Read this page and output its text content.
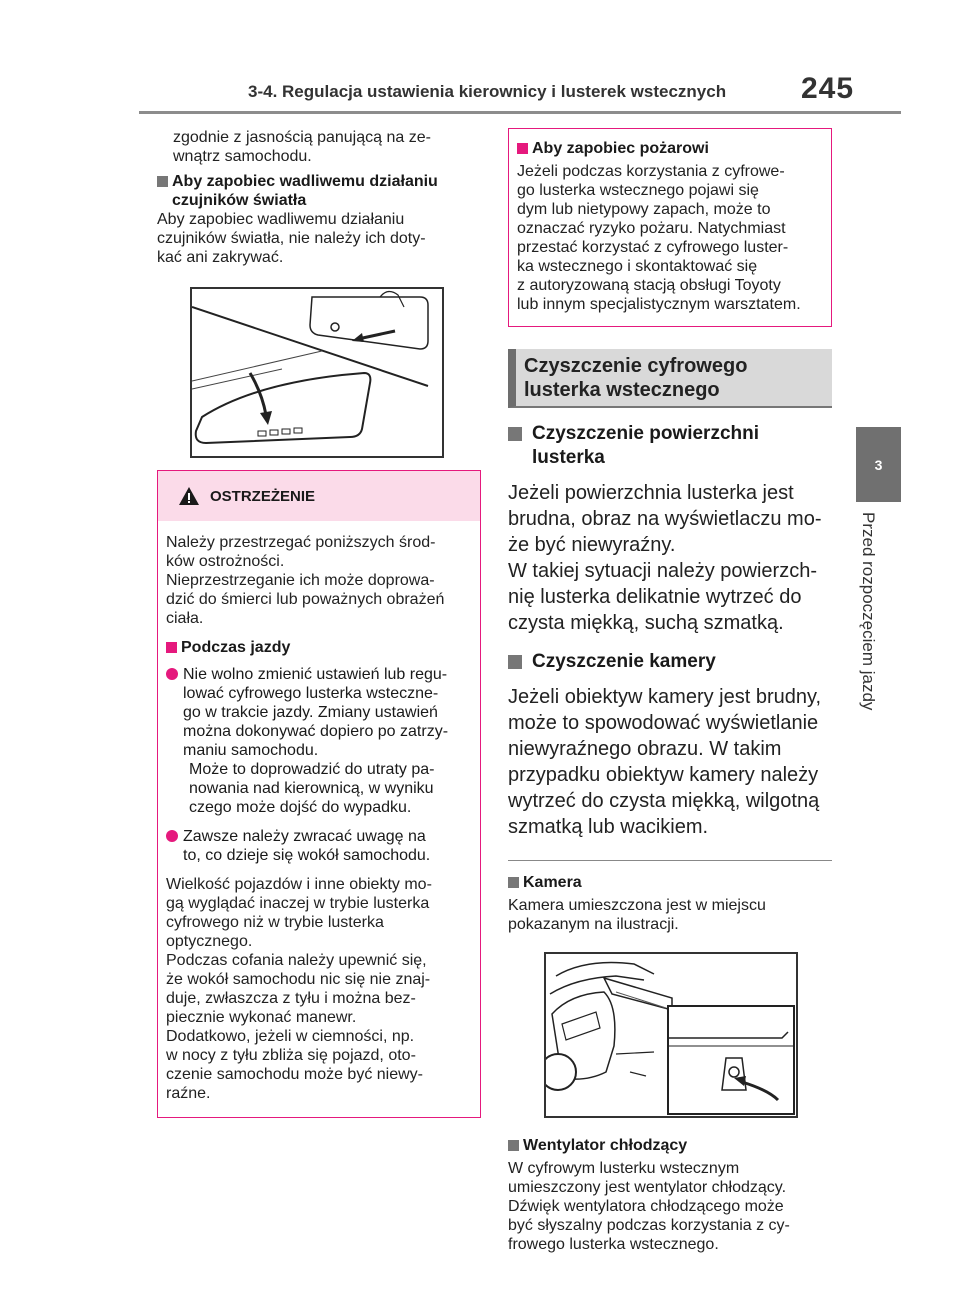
3-4. Regulacja ustawienia kierownicy i lusterek wstecznych 245
3
Przed rozpoczęciem jazdy
zgodnie z jasnością panującą na ze-
wnątrz samochodu.
Aby zapobiec wadliwemu działaniu
czujników światła
Aby zapobiec wadliwemu działaniu
czujników światła, nie należy ich doty-
kać ani zakrywać.
OSTRZEŻENIE
Należy przestrzegać poniższych środ-
ków ostrożności.
Nieprzestrzeganie ich może doprowa-
dzić do śmierci lub poważnych obrażeń
ciała.
Podczas jazdy
Nie wolno zmienić ustawień lub regu-
lować cyfrowego lusterka wsteczne-
go w trakcie jazdy. Zmiany ustawień
można dokonywać dopiero po zatrzy-
maniu samochodu.
Może to doprowadzić do utraty pa-
nowania nad kierownicą, w wyniku
czego może dojść do wypadku.
Zawsze należy zwracać uwagę na
to, co dzieje się wokół samochodu.
Wielkość pojazdów i inne obiekty mo-
gą wyglądać inaczej w trybie lusterka
cyfrowego niż w trybie lusterka
optycznego.
Podczas cofania należy upewnić się,
że wokół samochodu nic się nie znaj-
duje, zwłaszcza z tyłu i można bez-
piecznie wykonać manewr.
Dodatkowo, jeżeli w ciemności, np.
w nocy z tyłu zbliża się pojazd, oto-
czenie samochodu może być niewy-
raźne.
Aby zapobiec pożarowi
Jeżeli podczas korzystania z cyfrowe-
go lusterka wstecznego pojawi się
dym lub nietypowy zapach, może to
oznaczać ryzyko pożaru. Natychmiast
przestać korzystać z cyfrowego luster-
ka wstecznego i skontaktować się
z autoryzowaną stacją obsługi Toyoty
lub innym specjalistycznym warsztatem.
Czyszczenie cyfrowego
lusterka wstecznego
Czyszczenie powierzchni
lusterka
Jeżeli powierzchnia lusterka jest
brudna, obraz na wyświetlaczu mo-
że być niewyraźny.
W takiej sytuacji należy powierzch-
nię lusterka delikatnie wytrzeć do
czysta miękką, suchą szmatką.
Czyszczenie kamery
Jeżeli obiektyw kamery jest brudny,
może to spowodować wyświetlanie
niewyraźnego obrazu. W takim
przypadku obiektyw kamery należy
wytrzeć do czysta miękką, wilgotną
szmatką lub wacikiem.
Kamera
Kamera umieszczona jest w miejscu
pokazanym na ilustracji.
Wentylator chłodzący
W cyfrowym lusterku wstecznym
umieszczony jest wentylator chłodzący.
Dźwięk wentylatora chłodzącego może
być słyszalny podczas korzystania z cy-
frowego lusterka wstecznego.
